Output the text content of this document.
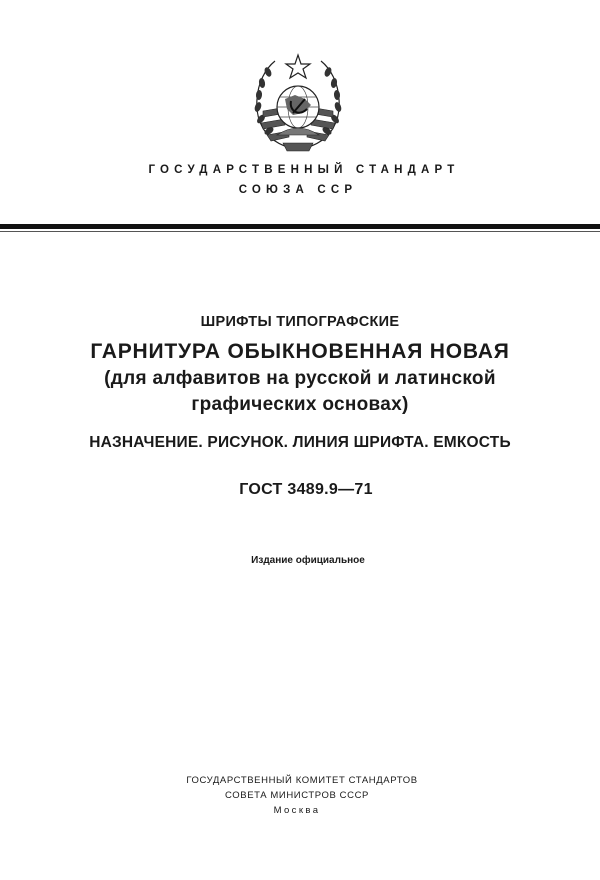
ГОСУДАРСТВЕННЫЙ СТАНДАРТ
СОЮЗА ССР
ШРИФТЫ ТИПОГРАФСКИЕ
ГАРНИТУРА ОБЫКНОВЕННАЯ НОВАЯ
(для алфавитов на русской и латинской
графических основах)
НАЗНАЧЕНИЕ. РИСУНОК. ЛИНИЯ ШРИФТА. ЕМКОСТЬ
ГОСТ 3489.9—71
Издание официальное
ГОСУДАРСТВЕННЫЙ КОМИТЕТ СТАНДАРТОВ
СОВЕТА МИНИСТРОВ СССР
Москва
